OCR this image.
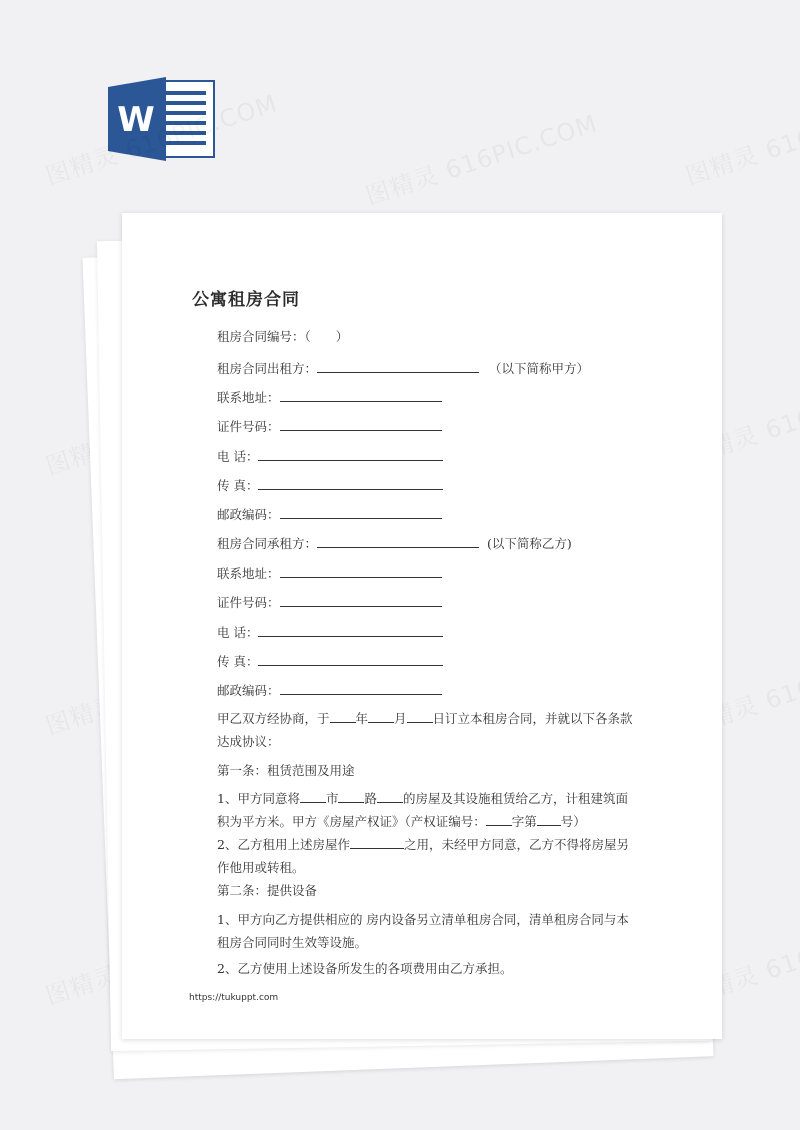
W
公寓租房合同
租房合同编号：（　　）
租房合同出租方：	（以下简称甲方）
联系地址：
证件号码：
电 话：
传 真：
邮政编码：
租房合同承租方：	(以下简称乙方)
联系地址：
证件号码：
电 话：
传 真：
邮政编码：
甲乙双方经协商，于 年 月 日订立本租房合同，并就以下各条款达成协议：
第一条：租赁范围及用途
1、甲方同意将 市 路 的房屋及其设施租赁给乙方，计租建筑面积为平方米。甲方《房屋产权证》（产权证编号： 字第 号）
2、乙方租用上述房屋作	之用，未经甲方同意，乙方不得将房屋另作他用或转租。
第二条：提供设备
1、甲方向乙方提供相应的 房内设备另立清单租房合同，清单租房合同与本租房合同同时生效等设施。
2、乙方使用上述设备所发生的各项费用由乙方承担。
https://tukuppt.com
